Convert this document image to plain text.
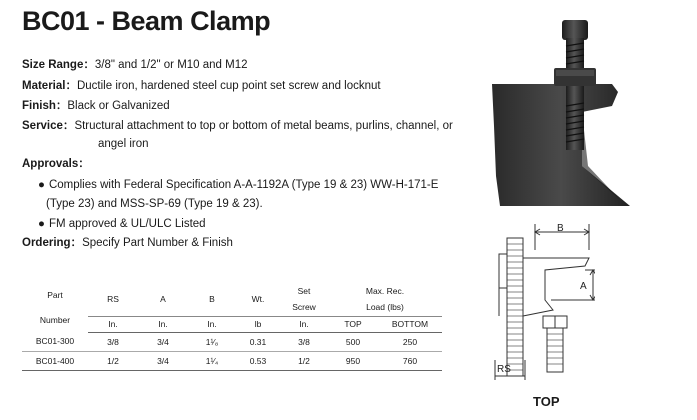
BC01 - Beam Clamp
Size Range：3/8" and 1/2" or M10 and M12
Material：Ductile iron, hardened steel cup point set screw and locknut
Finish：Black or Galvanized
Service：Structural attachment to top or bottom of metal beams, purlins, channel, or
angel iron
Approvals：
● Complies with Federal Specification A-A-1192A (Type 19 & 23) WW-H-171-E
(Type 23) and MSS-SP-69 (Type 19 & 23).
● FM approved & UL/ULC Listed
Ordering：Specify Part Number & Finish
Part
Number	RS	A	B	Wt.	Set	Max. Rec.	
					Screw	Load (lbs)	
	In.	In.	In.	lb	In.	TOP	BOTTOM
BC01-300	3/8	3/4	1¹⁄₈	0.31	3/8	500	250
BC01-400	1/2	3/4	1¹⁄₄	0.53	1/2	950	760
B
A
RS
TOP
